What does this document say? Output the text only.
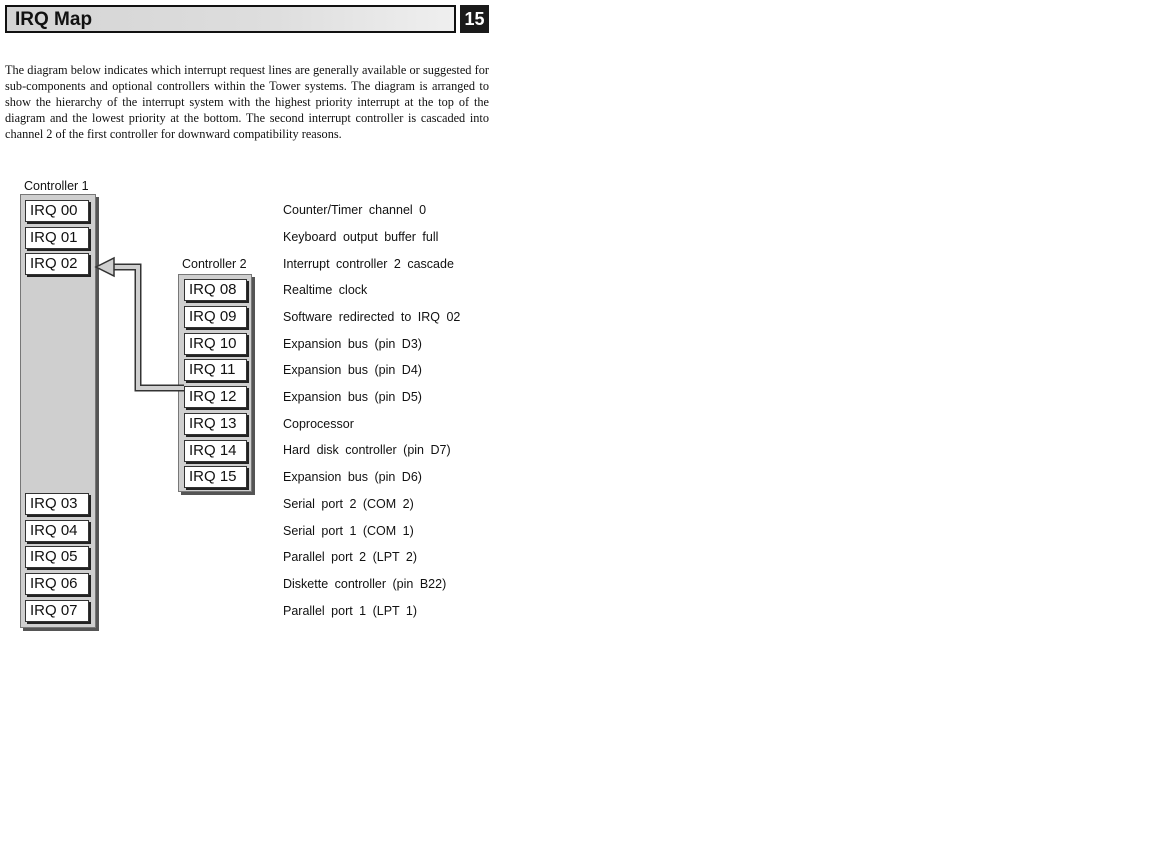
IRQ Map	15

The diagram below indicates which interrupt request lines are generally available or suggested for sub-components and optional controllers within the Tower systems. The diagram is arranged to show the hierarchy of the interrupt system with the highest priority interrupt at the top of the diagram and the lowest priority at the bottom. The second interrupt controller is cascaded into channel 2 of the first controller for downward compatibility reasons.

Controller 1
Controller 2
IRQ 00
IRQ 01
IRQ 02
IRQ 08
IRQ 09
IRQ 10
IRQ 11
IRQ 12
IRQ 13
IRQ 14
IRQ 15
IRQ 03
IRQ 04
IRQ 05
IRQ 06
IRQ 07
Counter/Timer channel 0
Keyboard output buffer full
Interrupt controller 2 cascade
Realtime clock
Software redirected to IRQ 02
Expansion bus (pin D3)
Expansion bus (pin D4)
Expansion bus (pin D5)
Coprocessor
Hard disk controller (pin D7)
Expansion bus (pin D6)
Serial port 2 (COM 2)
Serial port 1 (COM 1)
Parallel port 2 (LPT 2)
Diskette controller (pin B22)
Parallel port 1 (LPT 1)
